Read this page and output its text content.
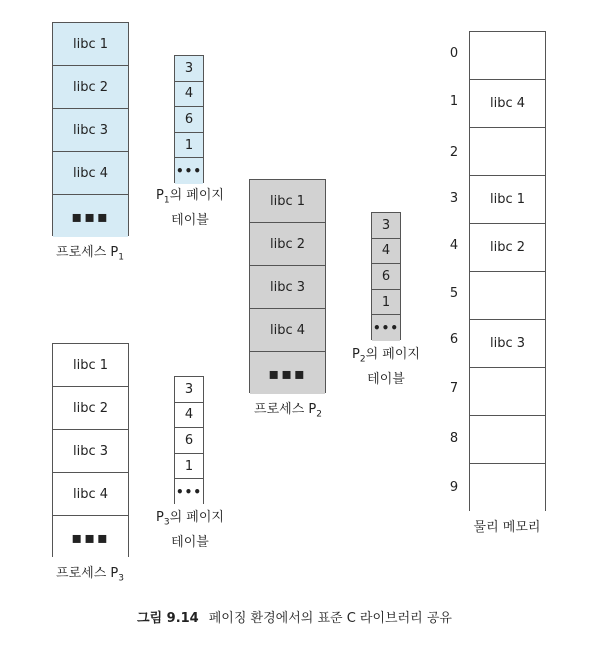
libc 1
libc 2
libc 3
libc 4
▪▪▪
프로세스 $P_1$
3
4
6
1
•••
$P_1$의 페이지
테이블
libc 1
libc 2
libc 3
libc 4
▪▪▪
프로세스 $P_2$
3
4
6
1
•••
$P_2$의 페이지
테이블
libc 1
libc 2
libc 3
libc 4
▪▪▪
프로세스 $P_3$
3
4
6
1
•••
$P_3$의 페이지
테이블
libc 4
libc 1
libc 2
libc 3
0
1
2
3
4
5
6
7
8
9
물리 메모리
그림 9.14 페이징 환경에서의 표준 C 라이브러리 공유
